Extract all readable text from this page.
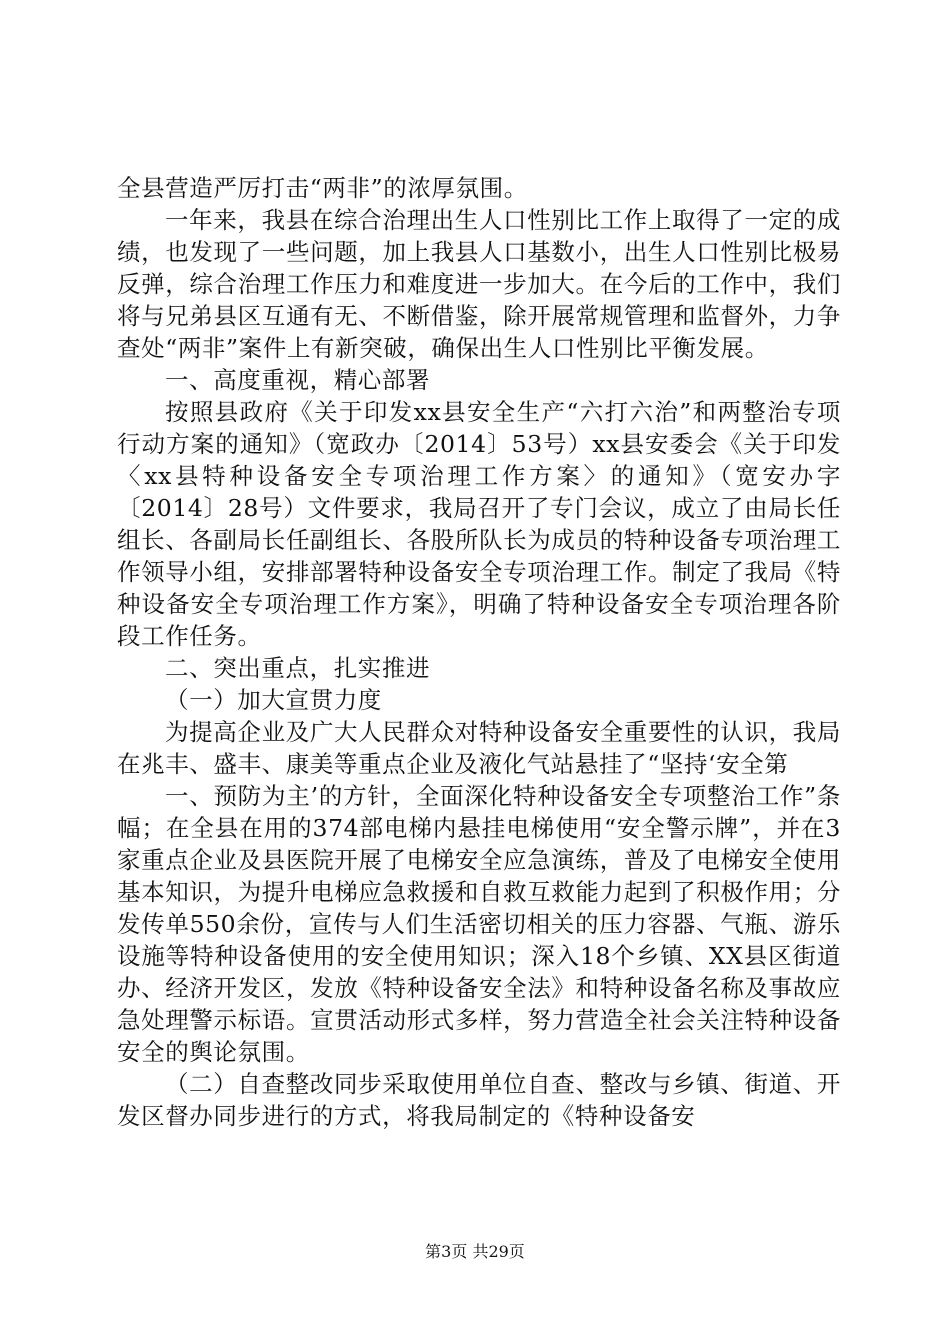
全县营造严厉打击“两非”的浓厚氛围。

一年来，我县在综合治理出生人口性别比工作上取得了一定的成绩，也发现了一些问题，加上我县人口基数小，出生人口性别比极易反弹，综合治理工作压力和难度进一步加大。在今后的工作中，我们将与兄弟县区互通有无、不断借鉴，除开展常规管理和监督外，力争查处“两非”案件上有新突破，确保出生人口性别比平衡发展。

一、高度重视，精心部署

按照县政府《关于印发xx县安全生产“六打六治”和两整治专项行动方案的通知》（宽政办〔2014〕53号）xx县安委会《关于印发〈xx县特种设备安全专项治理工作方案〉的通知》（宽安办字〔2014〕28号）文件要求，我局召开了专门会议，成立了由局长任组长、各副局长任副组长、各股所队长为成员的特种设备专项治理工作领导小组，安排部署特种设备安全专项治理工作。制定了我局《特种设备安全专项治理工作方案》，明确了特种设备安全专项治理各阶段工作任务。

二、突出重点，扎实推进

（一）加大宣贯力度

为提高企业及广大人民群众对特种设备安全重要性的认识，我局在兆丰、盛丰、康美等重点企业及液化气站悬挂了“坚持‘安全第

一、预防为主’的方针，全面深化特种设备安全专项整治工作”条幅；在全县在用的374部电梯内悬挂电梯使用“安全警示牌”，并在3家重点企业及县医院开展了电梯安全应急演练，普及了电梯安全使用基本知识，为提升电梯应急救援和自救互救能力起到了积极作用；分发传单550余份，宣传与人们生活密切相关的压力容器、气瓶、游乐设施等特种设备使用的安全使用知识；深入18个乡镇、XX县区街道办、经济开发区，发放《特种设备安全法》和特种设备名称及事故应急处理警示标语。宣贯活动形式多样，努力营造全社会关注特种设备安全的舆论氛围。

（二）自查整改同步采取使用单位自查、整改与乡镇、街道、开发区督办同步进行的方式，将我局制定的《特种设备安

第3页 共29页
